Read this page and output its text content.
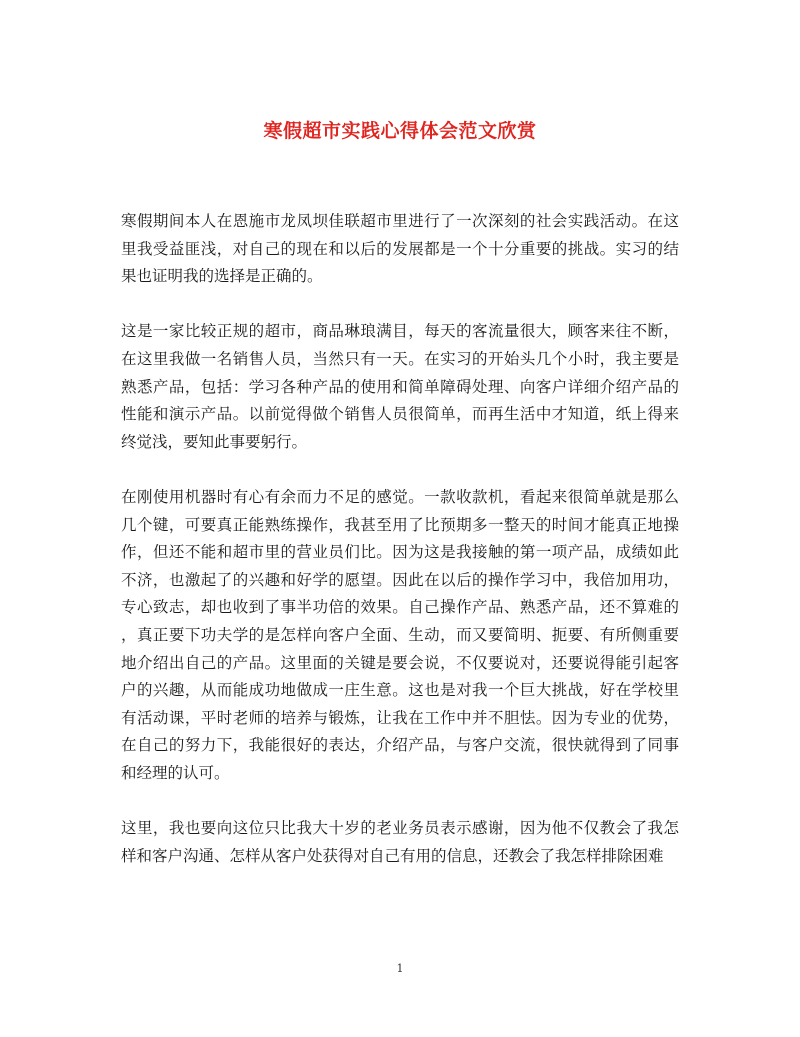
寒假超市实践心得体会范文欣赏

寒假期间本人在恩施市龙凤坝佳联超市里进行了一次深刻的社会实践活动。在这
里我受益匪浅，对自己的现在和以后的发展都是一个十分重要的挑战。实习的结
果也证明我的选择是正确的。

这是一家比较正规的超市，商品琳琅满目，每天的客流量很大，顾客来往不断，
在这里我做一名销售人员，当然只有一天。在实习的开始头几个小时，我主要是
熟悉产品，包括：学习各种产品的使用和简单障碍处理、向客户详细介绍产品的
性能和演示产品。以前觉得做个销售人员很简单，而再生活中才知道，纸上得来
终觉浅，要知此事要躬行。

在刚使用机器时有心有余而力不足的感觉。一款收款机，看起来很简单就是那么
几个键，可要真正能熟练操作，我甚至用了比预期多一整天的时间才能真正地操
作，但还不能和超市里的营业员们比。因为这是我接触的第一项产品，成绩如此
不济，也激起了的兴趣和好学的愿望。因此在以后的操作学习中，我倍加用功，
专心致志，却也收到了事半功倍的效果。自己操作产品、熟悉产品，还不算难的
，真正要下功夫学的是怎样向客户全面、生动，而又要简明、扼要、有所侧重要
地介绍出自己的产品。这里面的关键是要会说，不仅要说对，还要说得能引起客
户的兴趣，从而能成功地做成一庄生意。这也是对我一个巨大挑战，好在学校里
有活动课，平时老师的培养与锻炼，让我在工作中并不胆怯。因为专业的优势，
在自己的努力下，我能很好的表达，介绍产品，与客户交流，很快就得到了同事
和经理的认可。

这里，我也要向这位只比我大十岁的老业务员表示感谢，因为他不仅教会了我怎
样和客户沟通、怎样从客户处获得对自己有用的信息，还教会了我怎样排除困难

1
